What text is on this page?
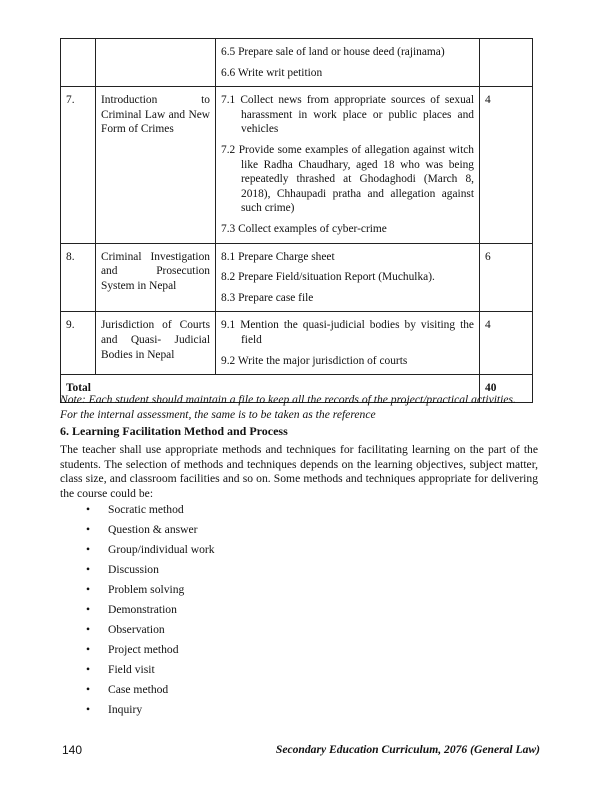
		6.5 Prepare sale of land or house deed (rajinama)

6.6 Write writ petition	

7.	Introduction to Criminal Law and New Form of Crimes	7.1 Collect news from appropriate sources of sexual harassment in work place or public places and vehicles

7.2 Provide some examples of allegation against witch like Radha Chaudhary, aged 18 who was being repeatedly thrashed at Ghodaghodi (March 8, 2018), Chhaupadi pratha and allegation against such crime)

7.3 Collect examples of cyber-crime	4
8.	Criminal Investigation and Prosecution System in Nepal	8.1 Prepare Charge sheet

8.2 Prepare Field/situation Report (Muchulka).

8.3 Prepare case file	6
9.	Jurisdiction of Courts and Quasi- Judicial Bodies in Nepal	9.1 Mention the quasi-judicial bodies by visiting the field

9.2 Write the major jurisdiction of courts	4
Total			40
Note: Each student should maintain a file to keep all the records of the project/practical activities.
For the internal assessment, the same is to be taken as the reference
6. Learning Facilitation Method and Process
The teacher shall use appropriate methods and techniques for facilitating learning on the part of the students. The selection of methods and techniques depends on the learning objectives, subject matter, class size, and classroom facilities and so on. Some methods and techniques appropriate for delivering the course could be:
• Socratic method
• Question & answer
• Group/individual work
• Discussion
• Problem solving
• Demonstration
• Observation
• Project method
• Field visit
• Case method
• Inquiry
140	Secondary Education Curriculum, 2076 (General Law)
